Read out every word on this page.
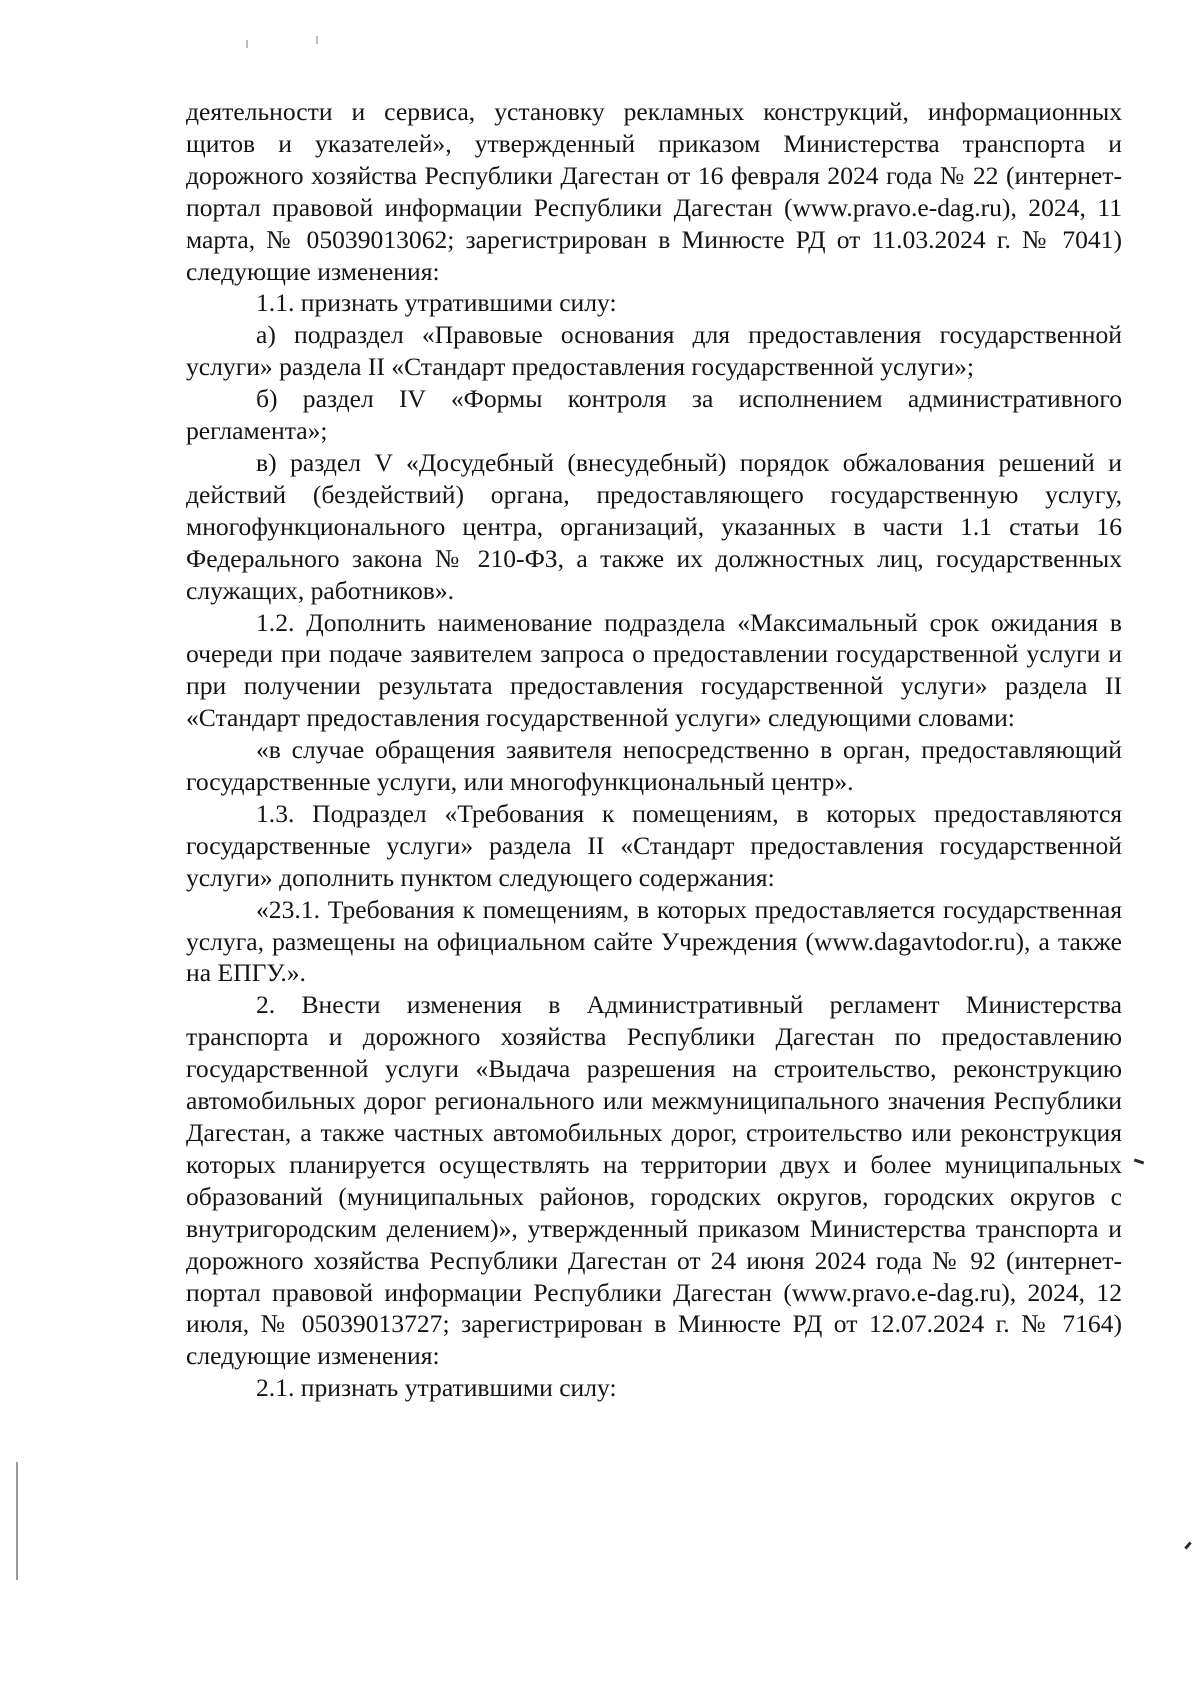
деятельности и сервиса, установку рекламных конструкций, информационных щитов и указателей», утвержденный приказом Министерства транспорта и дорожного хозяйства Республики Дагестан от 16 февраля 2024 года № 22 (интернет-портал правовой информации Республики Дагестан (www.pravo.e-dag.ru), 2024, 11 марта, № 05039013062; зарегистрирован в Минюсте РД от 11.03.2024 г. № 7041) следующие изменения:

1.1. признать утратившими силу:

а) подраздел «Правовые основания для предоставления государственной услуги» раздела II «Стандарт предоставления государственной услуги»;

б) раздел IV «Формы контроля за исполнением административного регламента»;

в) раздел V «Досудебный (внесудебный) порядок обжалования решений и действий (бездействий) органа, предоставляющего государственную услугу, многофункционального центра, организаций, указанных в части 1.1 статьи 16 Федерального закона № 210-ФЗ, а также их должностных лиц, государственных служащих, работников».

1.2. Дополнить наименование подраздела «Максимальный срок ожидания в очереди при подаче заявителем запроса о предоставлении государственной услуги и при получении результата предоставления государственной услуги» раздела II «Стандарт предоставления государственной услуги» следующими словами:

«в случае обращения заявителя непосредственно в орган, предоставляющий государственные услуги, или многофункциональный центр».

1.3. Подраздел «Требования к помещениям, в которых предоставляются государственные услуги» раздела II «Стандарт предоставления государственной услуги» дополнить пунктом следующего содержания:

«23.1. Требования к помещениям, в которых предоставляется государственная услуга, размещены на официальном сайте Учреждения (www.dagavtodor.ru), а также на ЕПГУ.».

2. Внести изменения в Административный регламент Министерства транспорта и дорожного хозяйства Республики Дагестан по предоставлению государственной услуги «Выдача разрешения на строительство, реконструкцию автомобильных дорог регионального или межмуниципального значения Республики Дагестан, а также частных автомобильных дорог, строительство или реконструкция которых планируется осуществлять на территории двух и более муниципальных образований (муниципальных районов, городских округов, городских округов с внутригородским делением)», утвержденный приказом Министерства транспорта и дорожного хозяйства Республики Дагестан от 24 июня 2024 года № 92 (интернет-портал правовой информации Республики Дагестан (www.pravo.e-dag.ru), 2024, 12 июля, № 05039013727; зарегистрирован в Минюсте РД от 12.07.2024 г. № 7164) следующие изменения:

2.1. признать утратившими силу:
